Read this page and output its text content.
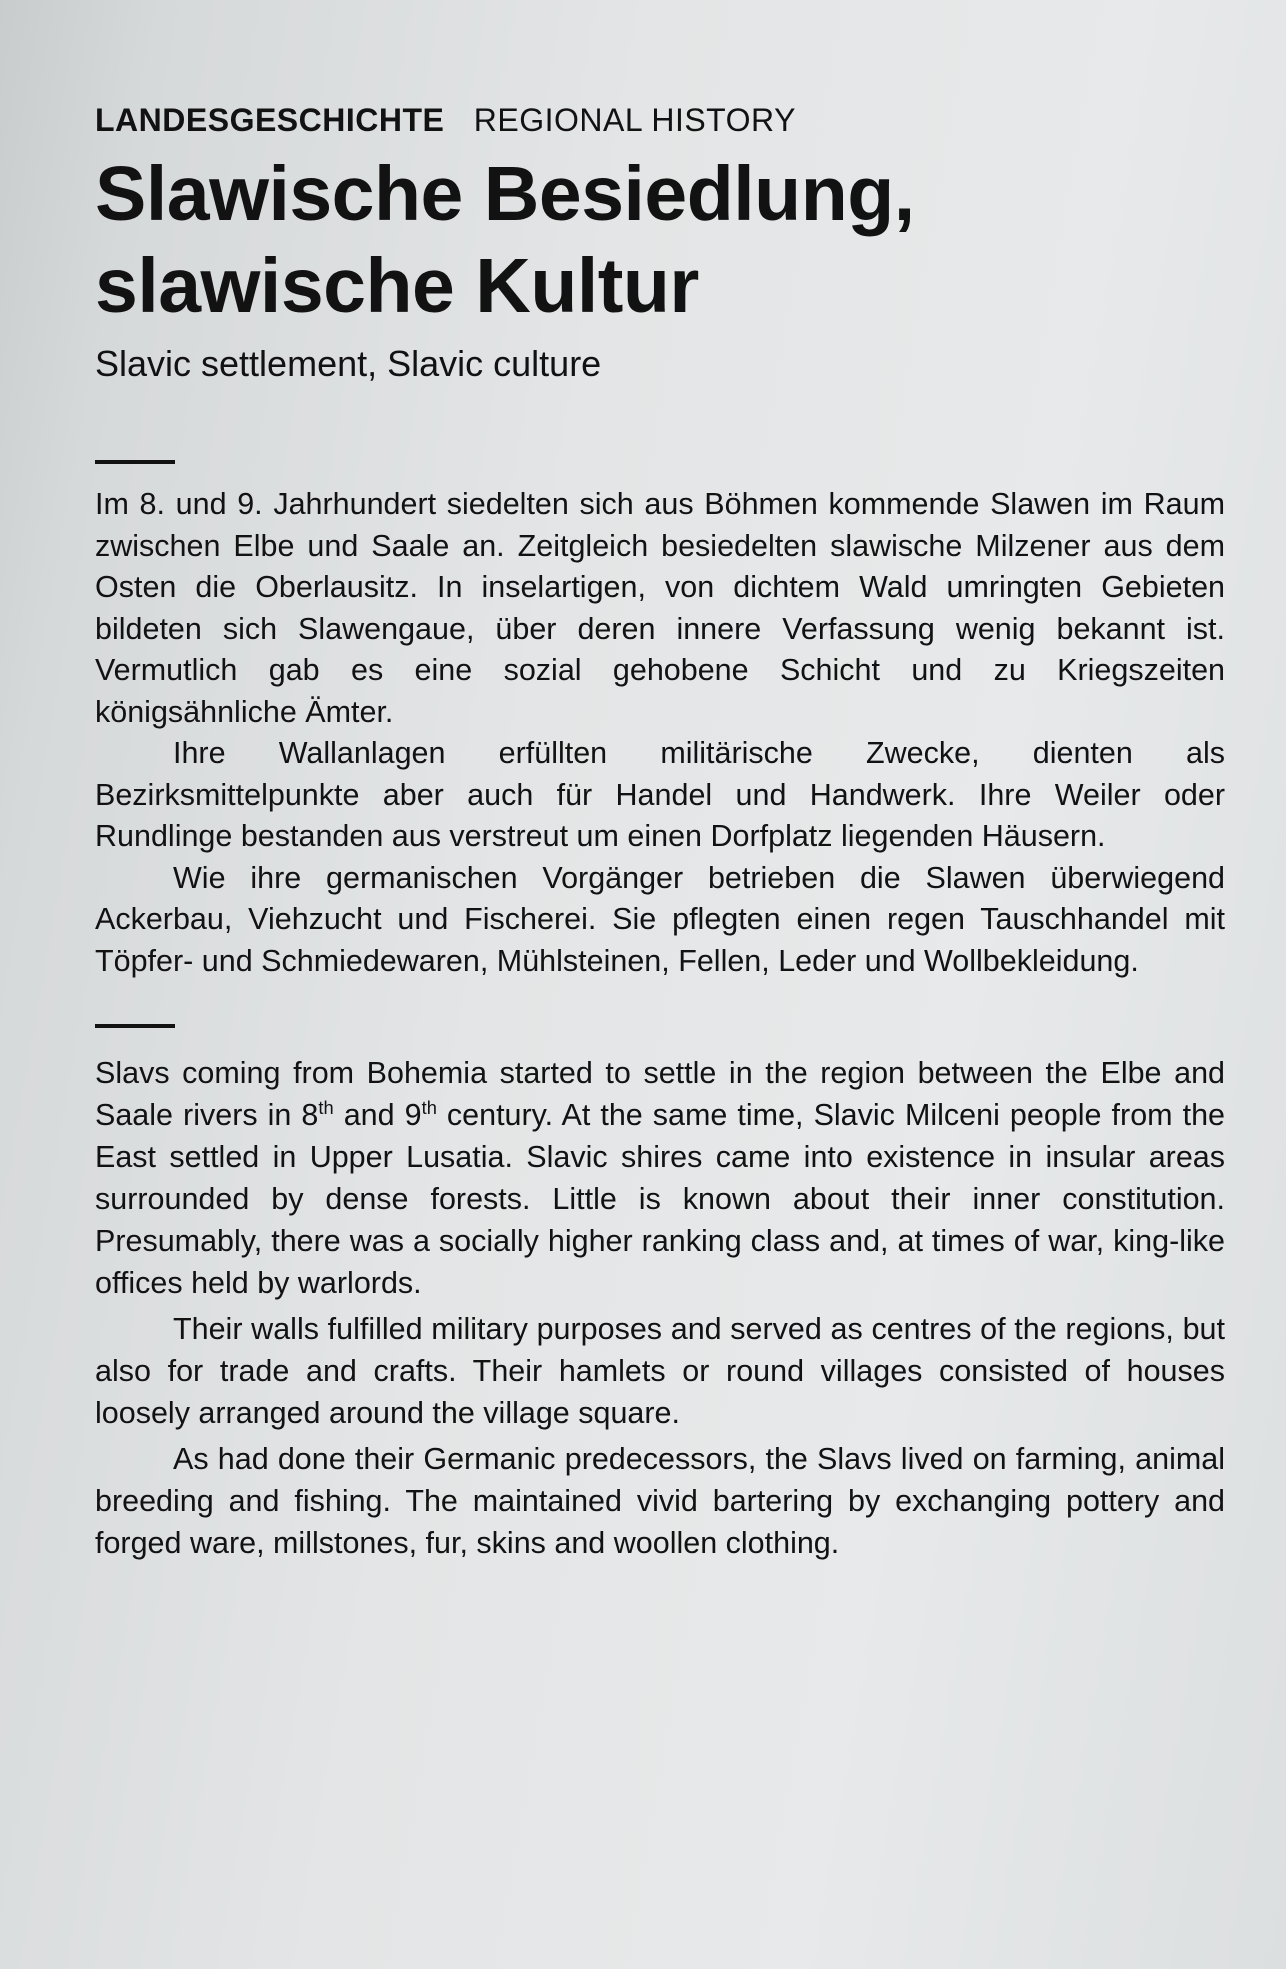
LANDESGESCHICHTE REGIONAL HISTORY
Slawische Besiedlung,
slawische Kultur
Slavic settlement, Slavic culture

Im 8. und 9. Jahrhundert siedelten sich aus Böhmen kommende Slawen im Raum zwischen Elbe und Saale an. Zeitgleich besiedelten slawische Milzener aus dem Osten die Oberlausitz. In inselartigen, von dichtem Wald umringten Gebieten bildeten sich Slawengaue, über deren innere Verfassung wenig bekannt ist. Vermutlich gab es eine sozial gehobene Schicht und zu Kriegszeiten königsähnliche Ämter.

Ihre Wallanlagen erfüllten militärische Zwecke, dienten als Bezirksmittelpunkte aber auch für Handel und Handwerk. Ihre Weiler oder Rundlinge bestanden aus verstreut um einen Dorfplatz liegenden Häusern.

Wie ihre germanischen Vorgänger betrieben die Slawen überwiegend Ackerbau, Viehzucht und Fischerei. Sie pflegten einen regen Tauschhandel mit Töpfer- und Schmiedewaren, Mühlsteinen, Fellen, Leder und Wollbekleidung.

Slavs coming from Bohemia started to settle in the region between the Elbe and Saale rivers in 8th and 9th century. At the same time, Slavic Milceni people from the East settled in Upper Lusatia. Slavic shires came into existence in insular areas surrounded by dense forests. Little is known about their inner constitution. Presumably, there was a socially higher ranking class and, at times of war, king-like offices held by warlords.

Their walls fulfilled military purposes and served as centres of the regions, but also for trade and crafts. Their hamlets or round villages consisted of houses loosely arranged around the village square.

As had done their Germanic predecessors, the Slavs lived on farming, animal breeding and fishing. The maintained vivid bartering by exchanging pottery and forged ware, millstones, fur, skins and woollen clothing.
